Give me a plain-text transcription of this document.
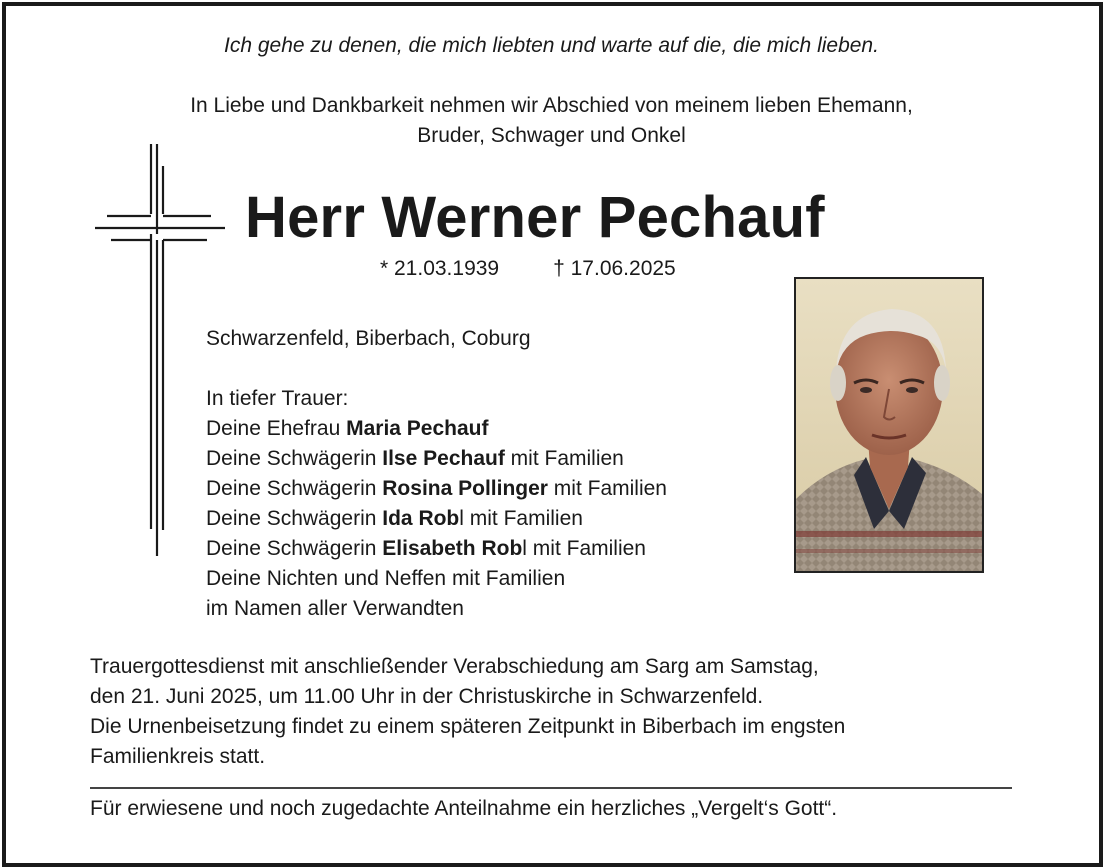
Ich gehe zu denen, die mich liebten und warte auf die, die mich lieben.
In Liebe und Dankbarkeit nehmen wir Abschied von meinem lieben Ehemann,
Bruder, Schwager und Onkel
Herr Werner Pechauf
* 21.03.1939	† 17.06.2025
Schwarzenfeld, Biberbach, Coburg
In tiefer Trauer:
Deine Ehefrau Maria Pechauf
Deine Schwägerin Ilse Pechauf mit Familien
Deine Schwägerin Rosina Pollinger mit Familien
Deine Schwägerin Ida Robl mit Familien
Deine Schwägerin Elisabeth Robl mit Familien
Deine Nichten und Neffen mit Familien
im Namen aller Verwandten
Trauergottesdienst mit anschließender Verabschiedung am Sarg am Samstag,
den 21. Juni 2025, um 11.00 Uhr in der Christuskirche in Schwarzenfeld.
Die Urnenbeisetzung findet zu einem späteren Zeitpunkt in Biberbach im engsten
Familienkreis statt.
Für erwiesene und noch zugedachte Anteilnahme ein herzliches „Vergelt‘s Gott“.
